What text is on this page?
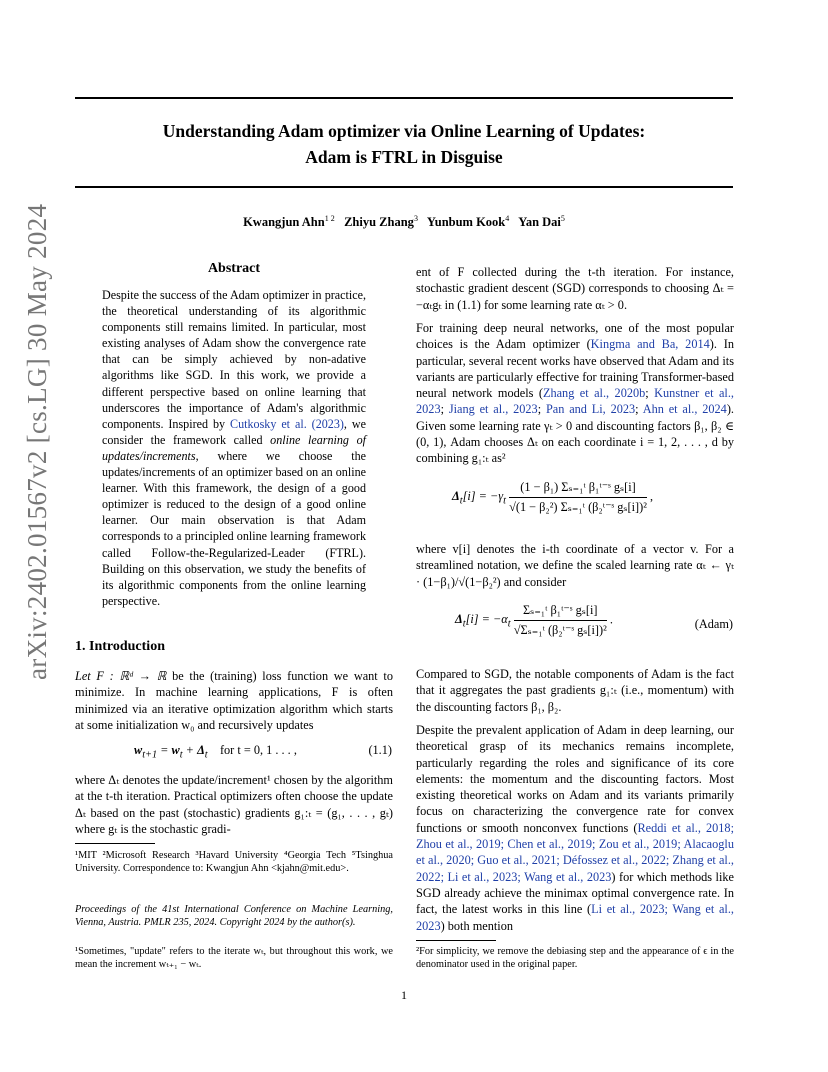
Understanding Adam optimizer via Online Learning of Updates:
Adam is FTRL in Disguise
Kwangjun Ahn$^{1 2}$ Zhiyu Zhang$^3$ Yunbum Kook$^4$ Yan Dai$^5$
arXiv:2402.01567v2 [cs.LG] 30 May 2024	Abstract
Despite the success of the Adam optimizer in practice, the theoretical understanding of its algorithmic components still remains limited. In particular, most existing analyses of Adam show the convergence rate that can be simply achieved by non-adative algorithms like SGD. In this work, we provide a different perspective based on online learning that underscores the importance of Adam's algorithmic components. Inspired by Cutkosky et al. (2023), we consider the framework called online learning of updates/increments, where we choose the updates/increments of an optimizer based on an online learner. With this framework, the design of a good optimizer is reduced to the design of a good online learner. Our main observation is that Adam corresponds to a principled online learning framework called Follow-the-Regularized-Leader (FTRL). Building on this observation, we study the benefits of its algorithmic components from the online learning perspective.
1. Introduction
Let F : ℝᵈ → ℝ be the (training) loss function we want to minimize. In machine learning applications, F is often minimized via an iterative optimization algorithm which starts at some initialization w₀ and recursively updates
$w_{t+1} = w_t + \Delta_t$ for t = 0, 1 . . . ,	(1.1)
where Δₜ denotes the update/increment¹ chosen by the algorithm at the t-th iteration. Practical optimizers often choose the update Δₜ based on the past (stochastic) gradients g₁:ₜ = (g₁, . . . , gₜ) where gₜ is the stochastic gradi-
¹MIT ²Microsoft Research ³Havard University ⁴Georgia Tech ⁵Tsinghua University. Correspondence to: Kwangjun Ahn <kjahn@mit.edu>.
Proceedings of the 41st International Conference on Machine Learning, Vienna, Austria. PMLR 235, 2024. Copyright 2024 by the author(s).
¹Sometimes, "update" refers to the iterate wₜ, but throughout this work, we mean the increment wₜ₊₁ − wₜ.
ent of F collected during the t-th iteration. For instance, stochastic gradient descent (SGD) corresponds to choosing Δₜ = −αₜgₜ in (1.1) for some learning rate αₜ > 0.
For training deep neural networks, one of the most popular choices is the Adam optimizer (Kingma and Ba, 2014). In particular, several recent works have observed that Adam and its variants are particularly effective for training Transformer-based neural network models (Zhang et al., 2020b; Kunstner et al., 2023; Jiang et al., 2023; Pan and Li, 2023; Ahn et al., 2024). Given some learning rate γₜ > 0 and discounting factors β₁, β₂ ∈ (0, 1), Adam chooses Δₜ on each coordinate i = 1, 2, . . . , d by combining g₁:ₜ as²
$\Delta_t[i] = -\gamma_t \frac{\text{(1 − β₁) Σₛ₌₁ᵗ β₁ᵗ⁻ˢ gₛ[i]}}{\text{√(1 − β₂²) Σₛ₌₁ᵗ (β₂ᵗ⁻ˢ gₛ[i])²}}$ ,
where v[i] denotes the i-th coordinate of a vector v. For a streamlined notation, we define the scaled learning rate αₜ ← γₜ · (1−β₁)/√(1−β₂²) and consider
$\Delta_t[i] = -\alpha_t \frac{\text{Σₛ₌₁ᵗ β₁ᵗ⁻ˢ gₛ[i]}}{\text{√Σₛ₌₁ᵗ (β₂ᵗ⁻ˢ gₛ[i])²}}$ .	(Adam)
Compared to SGD, the notable components of Adam is the fact that it aggregates the past gradients g₁:ₜ (i.e., momentum) with the discounting factors β₁, β₂.
Despite the prevalent application of Adam in deep learning, our theoretical grasp of its mechanics remains incomplete, particularly regarding the roles and significance of its core elements: the momentum and the discounting factors. Most existing theoretical works on Adam and its variants primarily focus on characterizing the convergence rate for convex functions or smooth nonconvex functions (Reddi et al., 2018; Zhou et al., 2019; Chen et al., 2019; Zou et al., 2019; Alacaoglu et al., 2020; Guo et al., 2021; Défossez et al., 2022; Zhang et al., 2022; Li et al., 2023; Wang et al., 2023) for which methods like SGD already achieve the minimax optimal convergence rate. In fact, the latest works in this line (Li et al., 2023; Wang et al., 2023) both mention
²For simplicity, we remove the debiasing step and the appearance of ϵ in the denominator used in the original paper.
1
